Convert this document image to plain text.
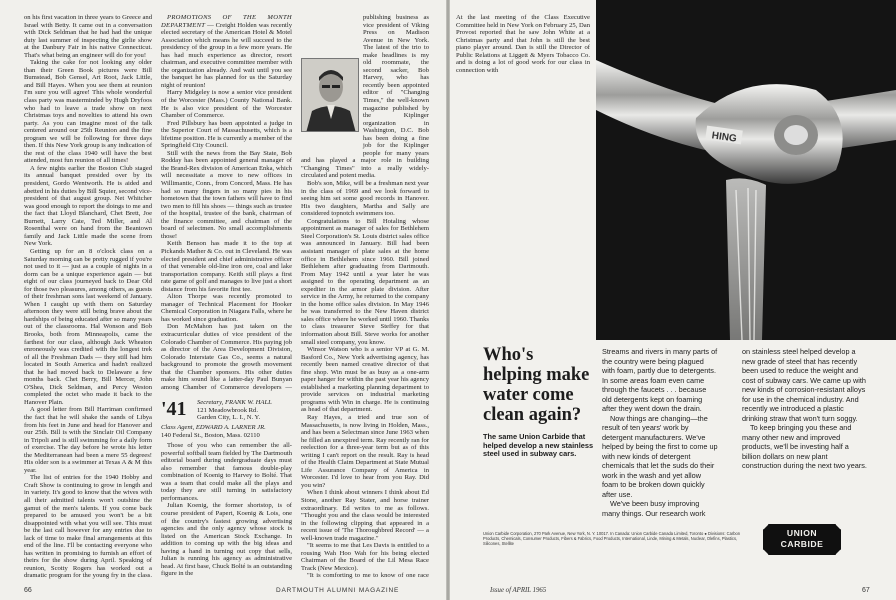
on his first vacation in three years to Greece and Israel with Betty. It came out in a conversation with Dick Seldman that he had had the unique duty last summer of inspecting the girlie show at the Danbury Fair in his native Connecticut. That's what being an engineer will do for you!

Taking the cake for not looking any older than their Green Book pictures were Bill Bumstead, Bob Gensel, Art Root, Jack Little, and Bill Hayes. When you see them at reunion I'm sure you will agree! This whole wonderful class party was masterminded by Hugh Dryfoos who had to leave a trade show on next Christmas toys and novelties to attend his own party. As you can imagine most of the talk centered around our 25th Reunion and the fine program we will be following for three days then. If this New York group is any indication of the rest of the class 1940 will have the best attended, most fun reunion of all times!

A few nights earlier the Boston Club staged its annual banquet presided over by its president, Gordo Wentworth. He is aided and abetted in his duties by Bill Squier, second vice-president of that august group. Net Whitcher was good enough to report the doings to me and the fact that Lloyd Blanchard, Chet Brett, Joe Burnett, Larry Cate, Ted Miller, and Al Rosenthal were on hand from the Beantown family and Jack Little made the scene from New York.

Getting up for an 8 o'clock class on a Saturday morning can be pretty rugged if you're not used to it — just as a couple of nights in a dorm can be a unique experience again — but eight of our class journeyed back to Dear Old for those two pleasures, among others, as guests of their freshman sons last weekend of January. When I caught up with them on Saturday afternoon they were still being brave about the hardships of being educated after so many years out of the classrooms. Hal Wonson and Bob Brooks, both from Minneapolis, came the farthest for our class, although Jack Wheaton enroneously was credited with the longest trek of all the Freshman Dads — they still had him located in South America and hadn't realized that he had moved back to Delaware a few months back. Chet Berry, Bill Mercer, John O'Shea, Dick Seldman, and Percy Weston completed the octet who made it back to the Hanover Plain.

A good letter from Bill Harriman confirmed the fact that he will shake the sands of Libya from his feet in June and head for Hanover and our 25th. Bill is with the Sinclair Oil Company in Tripoli and is still swimming for a daily form of exercise. The day before he wrote his letter the Mediterranean had been a mere 55 degrees! His older son is a swimmer at Texas A & M this year.

The list of entries for the 1940 Hobby and Craft Show is continuing to grow in length and in variety. It's good to know that the wives with all their admitted talents won't outshine the gamut of the men's talents. If you come back prepared to be amused you won't be a bit disappointed with what you will see. This must be the last call however for any entries due to lack of time to make final arrangements at this end of the line. I'll be contacting everyone who has written in promising to furnish an effort of theirs for the show during April. Speaking of reunion, Scotty Rogers has worked out a dramatic program for the young fry in the class.

PROMOTIONS OF THE MONTH DEPARTMENT — Creight Holden was recently elected secretary of the American Hotel & Motel Association which means he will succeed to the presidency of the group in a few more years. He has had much experience as director, resort chairman, and executive committee member with the organization already. And wait until you see the banquet he has planned for us the Saturday night of reunion!

Harry Midgeley is now a senior vice president of the Worcester (Mass.) County National Bank. He is also vice president of the Worcester Chamber of Commerce.

Fred Pillsbury has been appointed a judge in the Superior Court of Massachusetts, which is a lifetime position. He is currently a member of the Springfield City Council.

Still with the news from the Bay State, Bob Rodday has been appointed general manager of the Brand-Rex division of American Enka, which will necessitate a move to new offices in Willimantic, Conn., from Concord, Mass. He has had so many fingers in so many pies in his hometown that the town fathers will have to find two men to fill his shoes — things such as trustee of the hospital, trustee of the bank, chairman of the finance committee, and chairman of the board of selectmen. No small accomplishments those!

Keith Benson has made it to the top at Pickands Mather & Co. out in Cleveland. He was elected president and chief administrative officer of that venerable old-line iron ore, coal and lake transportation company. Keith still plays a first rate game of golf and manages to live just a short distance from his favorite first tee.

Alton Thorpe was recently promoted to manager of Technical Placement for Hooker Chemical Corporation in Niagara Falls, where he has worked since graduation.

Don McMahon has just taken on the extracurricular duties of vice president of the Colorado Chamber of Commerce. His paying job as director of the Area Development Division, Colorado Interstate Gas Co., seems a natural background to promote the growth movement that the Chamber sponsors. His other duties make him sound like a latter-day Paul Bunyan among Chamber of Commerce developers —

'41 Secretary, FRANK W. HALL
121 Meadowbrook Rd.
Garden City, L. I., N. Y.

Class Agent, EDWARD A. LARNER JR.

140 Federal St., Boston, Mass. 02110

Those of you who can remember the all-powerful softball team fielded by The Dartmouth editorial board during undergraduate days must also remember that famous double-play combination of Koenig to Harvey to Bolté. That was a team that could make all the plays and today they are still turning in satisfactory performances.

Julian Koenig, the former shortstop, is of course president of Papert, Koenig & Lois, one of the country's fastest growing advertising agencies and the only agency whose stock is listed on the American Stock Exchange. In addition to coming up with the big ideas and having a hand in turning out copy that sells, Julian is running his agency as administrative head. At first base, Chuck Bolté is an outstanding figure in the

publishing business as vice president of Viking Press on Madison Avenue in New York. The latest of the trio to make headlines is my old roommate, the second sacker, Bob Harvey, who has recently been appointed editor of "Changing Times," the well-known magazine published by the Kiplinger organization in Washington, D.C. Bob has been doing a fine job for the Kiplinger people for many years and has played a major role in building "Changing Times" into a really widely-circulated and potent media.

Bob's son, Mike, will be a freshman next year in the class of 1969 and we look forward to seeing him set some good records in Hanover. His two daughters, Martha and Sally are considered topnotch swimmers too.

Congratulations to Bill Hotaling whose appointment as manager of sales for Bethlehem Steel Corporation's St. Louis district sales office was announced in January. Bill had been assistant manager of plate sales at the home office in Bethlehem since 1960. Bill joined Bethlehem after graduating from Dartmouth. From May 1942 until a year later he was assigned to the operating department as an expediter in the armor plate division. After service in the Army, he returned to the company in the home office sales division. In May 1946 he was transferred to the New Haven district sales office where he worked until 1960. Thanks to class treasurer Steve Steffey for that information about Bill. Steve works for another small steel company, you know.

Winsor Watson who is a senior VP at G. M. Basford Co., New York advertising agency, has recently been named creative director of that fine shop. Win must be as busy as a one-arm paper hanger for within the past year his agency established a marketing planning department to provide services on industrial marketing programs with Win in charge. He is continuing as head of that department.

Ray Hayes, a tried and true son of Massachusetts, is now living in Holden, Mass., and has been a Selectman since June 1963 when he filled an unexpired term. Ray recently ran for reelection for a three-year term but as of this writing I can't report on the result. Ray is head of the Health Claim Department at State Mutual Life Assurance Company of America in Worcester. I'd love to hear from you Ray. Did you win?

When I think about winners I think about Ed Stone, another Ray Stater, and horse trainer extraordinary. Ed writes to me as follows. "Thought you and the class would be interested in the following clipping that appeared in a recent issue of 'The Thoroughbred Record' — a well-known trade magazine."

"It seems to me that Les Davis is entitled to a rousing Wah Hoo Wah for his being elected Chairman of the Board of the Lil Mesa Race Track (New Mexico).

"It is comforting to me to know of one race

66	DARTMOUTH ALUMNI MAGAZINE

At the last meeting of the Class Executive Committee held in New York on February 25, Dan Provost reported that he saw John White at a Christmas party and that John is still the best piano player around. Dan is still the Director of Public Relations at Liggett & Myers Tobacco Co. and is doing a lot of good work for our class in connection with

HING
Who's helping make water come clean again?
The same Union Carbide that helped develop a new stainless steel used in subway cars.

Streams and rivers in many parts of the country were being plagued with foam, partly due to detergents. In some areas foam even came through the faucets . . . because old detergents kept on foaming after they went down the drain.

Now things are changing—the result of ten years' work by detergent manufacturers. We've helped by being the first to come up with new kinds of detergent chemicals that let the suds do their work in the wash and yet allow foam to be broken down quickly after use.

We've been busy improving many things. Our research work

on stainless steel helped develop a new grade of steel that has recently been used to reduce the weight and cost of subway cars. We came up with new kinds of corrosion-resistant alloys for use in the chemical industry. And recently we introduced a plastic drinking straw that won't turn soggy.

To keep bringing you these and many other new and improved products, we'll be investing half a billion dollars on new plant construction during the next two years.

Union Carbide Corporation, 270 Park Avenue, New York, N. Y. 10017. In Canada: Union Carbide Canada Limited, Toronto ● Divisions: Carbon Products, Chemicals, Consumer Products, Fibers & Fabrics, Food Products, International, Linde, Mining & Metals, Nuclear, Olefins, Plastics, Silicones, Stellite
UNION
CARBIDE
Issue of APRIL 1965	67
